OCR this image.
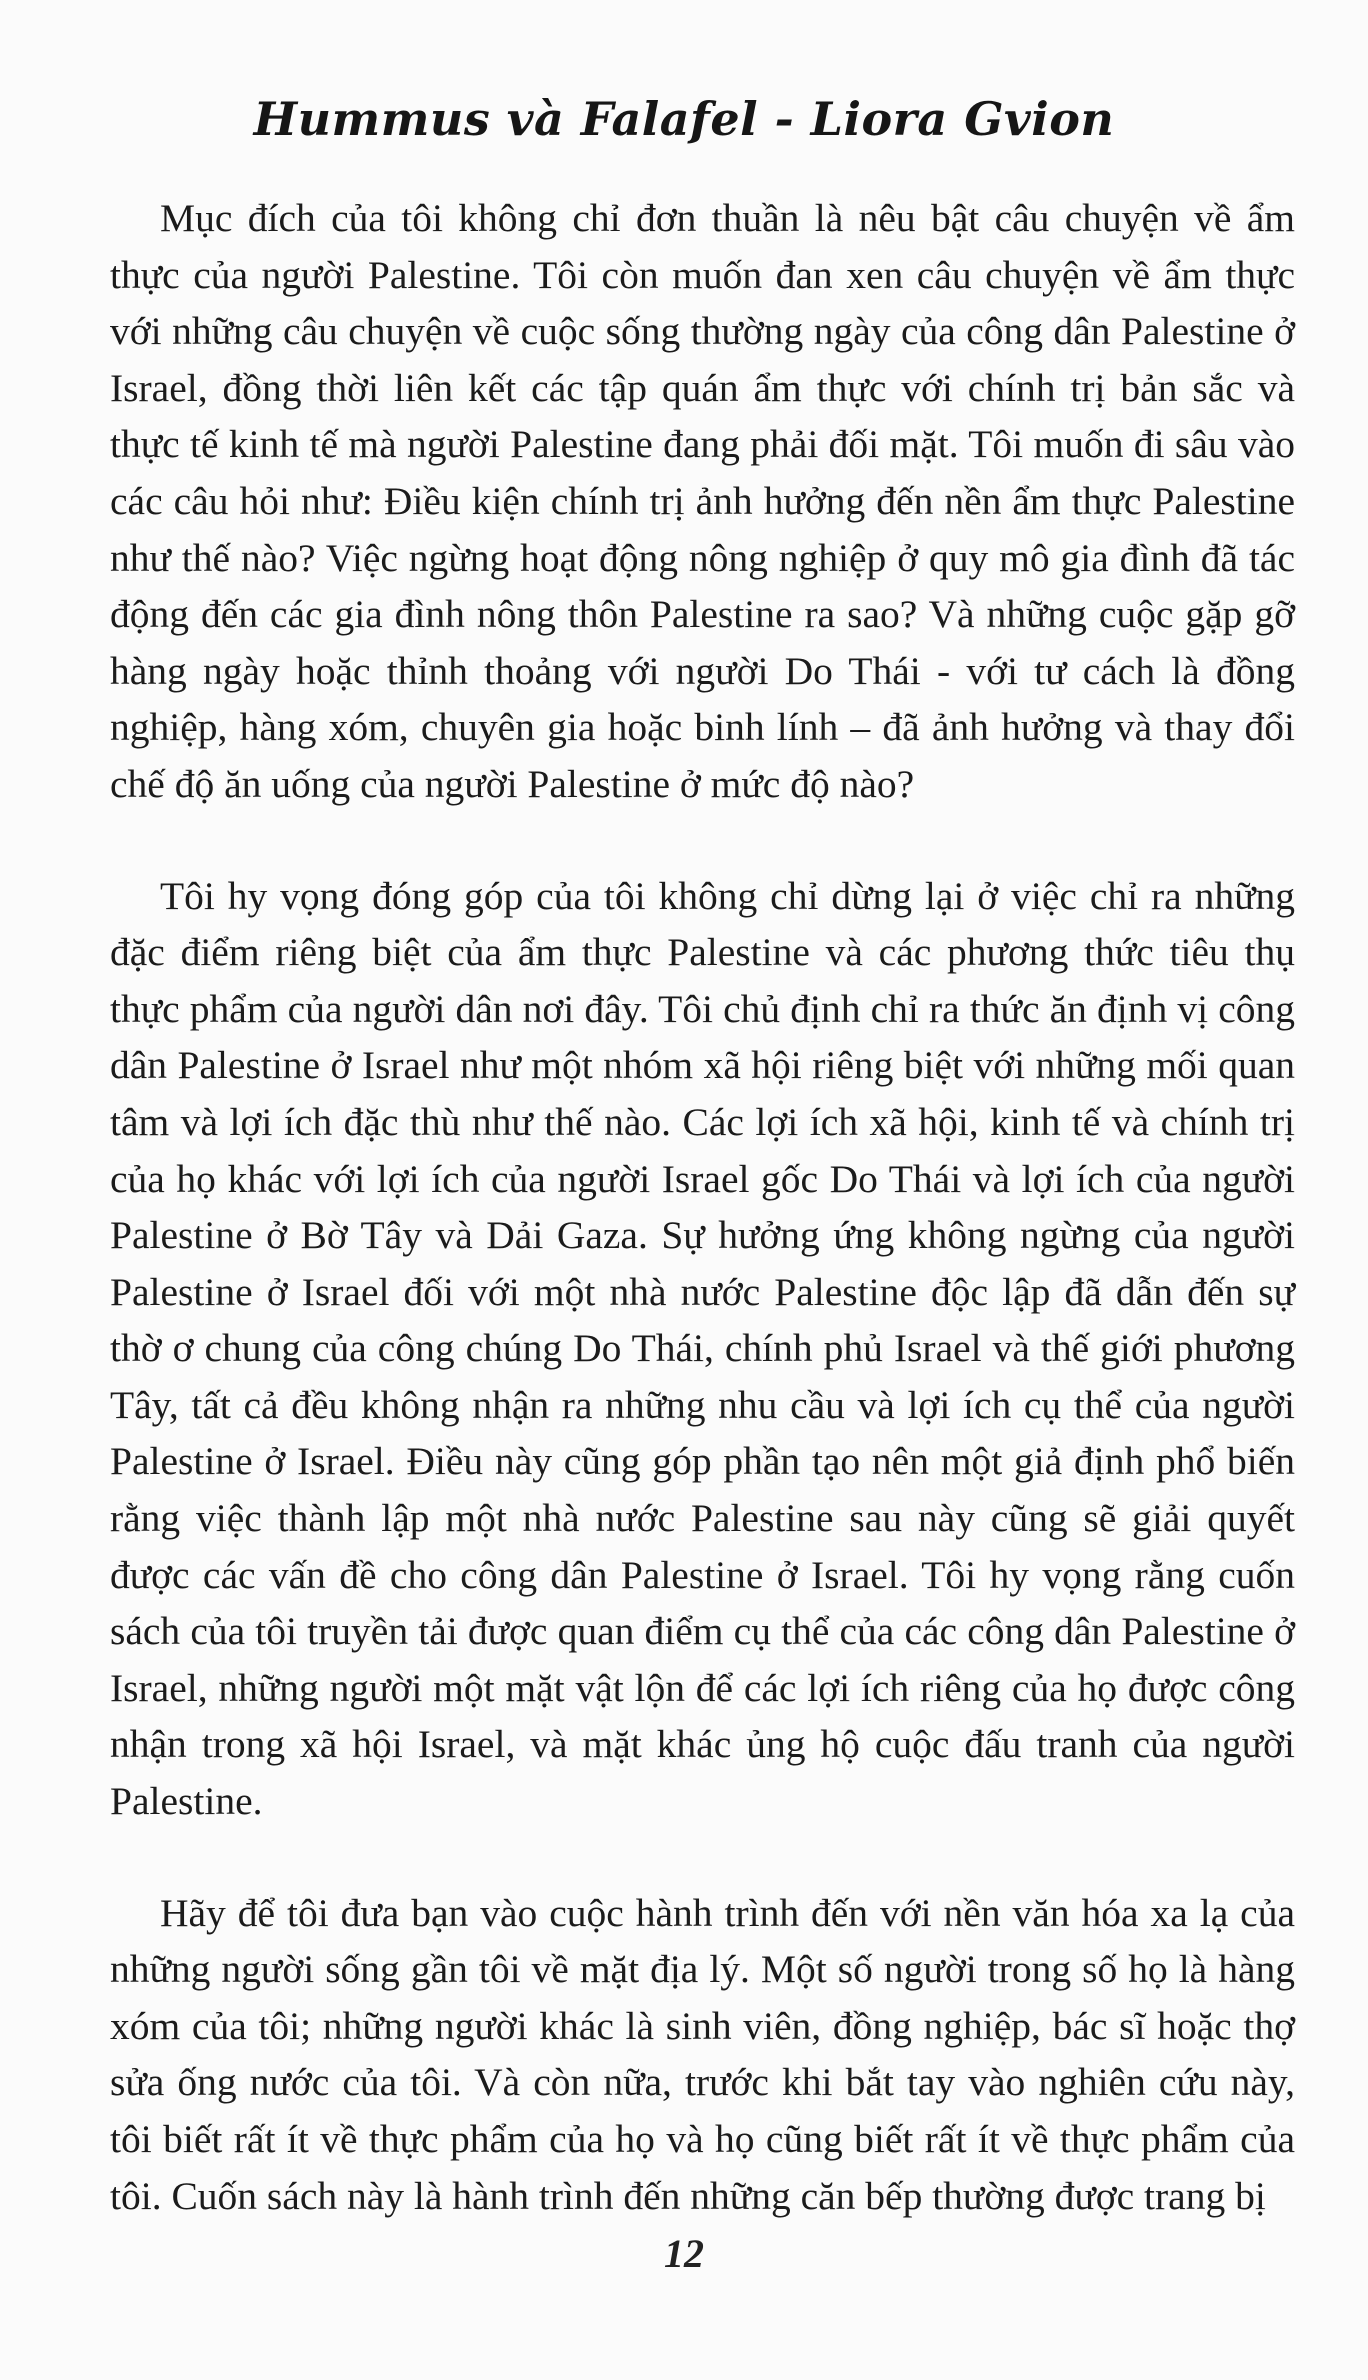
Hummus và Falafel - Liora Gvion

Mục đích của tôi không chỉ đơn thuần là nêu bật câu chuyện về ẩm thực của người Palestine. Tôi còn muốn đan xen câu chuyện về ẩm thực với những câu chuyện về cuộc sống thường ngày của công dân Palestine ở Israel, đồng thời liên kết các tập quán ẩm thực với chính trị bản sắc và thực tế kinh tế mà người Palestine đang phải đối mặt. Tôi muốn đi sâu vào các câu hỏi như: Điều kiện chính trị ảnh hưởng đến nền ẩm thực Palestine như thế nào? Việc ngừng hoạt động nông nghiệp ở quy mô gia đình đã tác động đến các gia đình nông thôn Palestine ra sao? Và những cuộc gặp gỡ hàng ngày hoặc thỉnh thoảng với người Do Thái - với tư cách là đồng nghiệp, hàng xóm, chuyên gia hoặc binh lính – đã ảnh hưởng và thay đổi chế độ ăn uống của người Palestine ở mức độ nào?

Tôi hy vọng đóng góp của tôi không chỉ dừng lại ở việc chỉ ra những đặc điểm riêng biệt của ẩm thực Palestine và các phương thức tiêu thụ thực phẩm của người dân nơi đây. Tôi chủ định chỉ ra thức ăn định vị công dân Palestine ở Israel như một nhóm xã hội riêng biệt với những mối quan tâm và lợi ích đặc thù như thế nào. Các lợi ích xã hội, kinh tế và chính trị của họ khác với lợi ích của người Israel gốc Do Thái và lợi ích của người Palestine ở Bờ Tây và Dải Gaza. Sự hưởng ứng không ngừng của người Palestine ở Israel đối với một nhà nước Palestine độc lập đã dẫn đến sự thờ ơ chung của công chúng Do Thái, chính phủ Israel và thế giới phương Tây, tất cả đều không nhận ra những nhu cầu và lợi ích cụ thể của người Palestine ở Israel. Điều này cũng góp phần tạo nên một giả định phổ biến rằng việc thành lập một nhà nước Palestine sau này cũng sẽ giải quyết được các vấn đề cho công dân Palestine ở Israel. Tôi hy vọng rằng cuốn sách của tôi truyền tải được quan điểm cụ thể của các công dân Palestine ở Israel, những người một mặt vật lộn để các lợi ích riêng của họ được công nhận trong xã hội Israel, và mặt khác ủng hộ cuộc đấu tranh của người Palestine.

Hãy để tôi đưa bạn vào cuộc hành trình đến với nền văn hóa xa lạ của những người sống gần tôi về mặt địa lý. Một số người trong số họ là hàng xóm của tôi; những người khác là sinh viên, đồng nghiệp, bác sĩ hoặc thợ sửa ống nước của tôi. Và còn nữa, trước khi bắt tay vào nghiên cứu này, tôi biết rất ít về thực phẩm của họ và họ cũng biết rất ít về thực phẩm của tôi. Cuốn sách này là hành trình đến những căn bếp thường được trang bị

12
